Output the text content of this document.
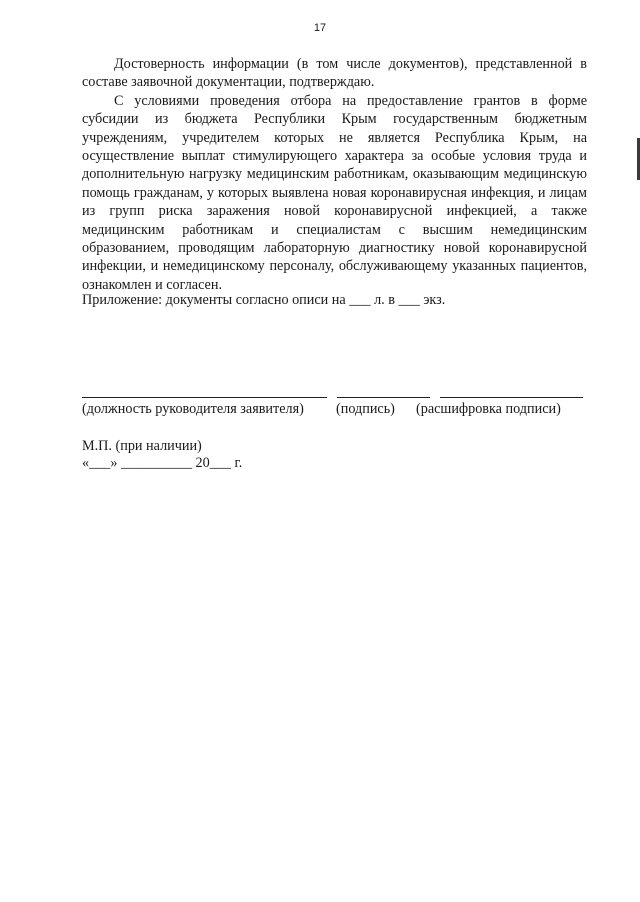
17

Достоверность информации (в том числе документов), представленной в составе заявочной документации, подтверждаю.

С условиями проведения отбора на предоставление грантов в форме субсидии из бюджета Республики Крым государственным бюджетным учреждениям, учредителем которых не является Республика Крым, на осуществление выплат стимулирующего характера за особые условия труда и дополнительную нагрузку медицинским работникам, оказывающим медицинскую помощь гражданам, у которых выявлена новая коронавирусная инфекция, и лицам из групп риска заражения новой коронавирусной инфекцией, а также медицинским работникам и специалистам с высшим немедицинским образованием, проводящим лабораторную диагностику новой коронавирусной инфекции, и немедицинскому персоналу, обслуживающему указанных пациентов, ознакомлен и согласен.

Приложение: документы согласно описи на ___ л. в ___ экз.
(должность руководителя заявителя) (подпись) (расшифровка подписи)
М.П. (при наличии)
«___» __________ 20___ г.
